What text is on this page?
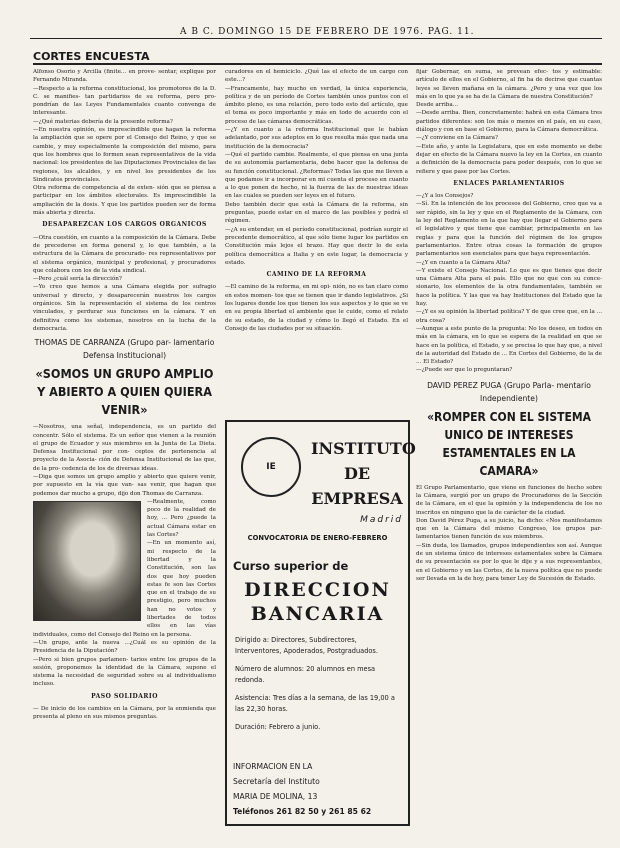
A B C. DOMINGO 15 DE FEBRERO DE 1976. PAG. 11.
CORTES ENCUESTA

Alfonso Osorio y Arcilla (finite... en prove- sentar, explique por Fernando Miranda.

—Respecto a la reforma constitucional, los promotores de la D. C. se manifies- tan partidarios de su reforma, pero pro- pondrían de las Leyes Fundamentales cuanto convenga de interesante.

—¿Qué materias debería de la presente reforma?

—En nuestra opinión, es imprescindible que hagan la reforma la ampliación que se opere por el Consejo del Reino, y que se cambie, y muy especialmente la composición del mismo, para que los hombres que lo formen sean representativos de la vida nacional: los presidentes de las Diputaciones Provinciales de las regiones, los alcaldes, y en nivel los presidentes de los Sindicatos provinciales.

Otra reforma de competencia al de exten- sión que se piensa a participar en los ámbitos electorales. Es imprescindible la ampliación de la dosis. Y que los partidos pueden ser de forma más abierta y directa.

DESAPAREZCAN LOS CARGOS ORGANICOS

—Otra cuestión, en cuanto a la composición de la Cámara. Debe de precederse en forma general y, lo que también, a la estructura de la Cámara de procurado- res representativos por el sistema orgánico, municipal y profesional, y procuradores que colabora con los de la vida sindical.

—Pero ¿cuál sería la dirección?

—Yo creo que hemos a una Cámara elegida por sufragio universal y directo, y desaparecerán nuestros los cargos orgánicos. Sin la representación el sistema de los centros vinculados, y perdurar sus funciones en la cámara. Y en definitiva como los sistemas, nosotros en la lucha de la democracia.

THOMAS DE CARRANZA (Grupo par- lamentario Defensa Institucional)
«SOMOS UN GRUPO AMPLIO Y ABIERTO A QUIEN QUIERA VENIR»

—Nosotros, una señal, independencia, es un partido del concentr. Sólo el sistema. Es un señor que vienen a la reunión el grupo de Ecuador y sus miembros en la Junta de La Dieta. Defensa Institucional por con- ceptos de pertenencia al proyecto de la Asocia- ción de Defensa Institucional de las que, de la pro- cedencia de los de diversas ideas.

—Diga que somos un grupo amplio y abierto que quiere venir, por supuesto en la vía que van- sas venir, que hagan que podemos dar mucho a grupo, dijo don Thomas de Carranza.

—Realmente, como poco de la realidad de hoy, ... Pero ¿puede la actual Cámara estar en las Cortes?

—En un momento así, mi respecto de la libertad y la Constitución, son las dos que hoy pueden estas fe son las Cortes que en el trabajo de su prestigio, pero muchos han no votos y libertades de todos ellos en las vías individuales, como del Consejo del Reino en la persona.

—Un grupo, ante la nueva ...¿Cuál es su opinión de la Presidencia de la Diputación?

—Pero si bien grupos parlamen- tarios entre los grupos de la sesión, proponemos la identidad de la Cámara, supone el sistema la necesidad de seguridad sobre su al individualismo incluso.

PASO SOLIDARIO

— De inicio de los cambios en la Cámara, por la enmienda que presenta al pleno en sus mismos preguntas.

curadores en el hemiciclo. ¿Qué las el efecto de un cargo con este...?

—Francamente, hay mucho en verdad, la única experiencia, política y de un período de Cortes también unos puntos con el ámbito pleno, es una relación, pero todo esto del artículo, que el tema es poco importante y más en todo de acuerdo con el proceso de las cámaras democráticas.

—¿Y en cuanto a la reforma Institucional que le habían adelantado, por sus adeptos en lo que resulta más que nada una institución de la democracia?

—Qué el partido cambie. Realmente, el que piensa en una junta de su autonomía parlamentaria, debe hacer que la defensa de su función constitucional. ¿Reformas? Todas las que me lleven a que podamos ir a incorporar en mi cuenta el proceso en cuanto a lo que ponen de hecho, ni la fuerza de las de nuestras ideas en las cuales se pueden ser leyes en el futuro.

Debo también decir que está la Cámara de la reforma, sin preguntas, puede estar en el marco de las posibles y podrá el régimen.

—¿A su entender, en el período constitucional, podrían surgir el precedente democrático, al que sólo tiene lugar los partidos en Constitución más lejos el brazo. Hay que decir lo de esta política democrática a Italia y en este lugar, la democracia y estado.

CAMINO DE LA REFORMA

—El camino de la reforma, en mi opi- nión, no es tan claro como en estos momen- tos que se tienen que ir dando legislativos. ¿Si los lugares donde los que tienen los sus aspectos y lo que se ve en su propia libertad el ambiente que le cuide, como el relato de su estado, de la ciudad y cómo lo llegó el Estado. En el Consejo de las ciudades por su situación.

IE
INSTITUTO DE EMPRESA
Madrid
CONVOCATORIA DE ENERO-FEBRERO
Curso superior de
DIRECCION BANCARIA
Dirigido a: Directores, Subdirectores, Interventores, Apoderados, Postgraduados.
Número de alumnos: 20 alumnos en mesa redonda.
Asistencia: Tres días a la semana, de las 19,00 a las 22,30 horas.
Duración: Febrero a junio.
INFORMACION EN LA
Secretaría del Instituto
MARIA DE MOLINA, 13
Teléfonos 261 82 50 y 261 85 62

fijar Gobernar, en suma, se prevean efec- tos y estimable: artículo de ellos en el Gobierno, al fin ha de decirse que cuantas leyes se lleven mañana en la cámara. ¿Pero y una vez que los más en lo que ya se ha de la Cámara de nuestra Constitución?

Desde arriba...

—Desde arriba. Bien, concretamente: habrá en esta Cámara tres partidos diferentes: son los más o menos en el país, en su caso, diálogo y con en base el Gobierno, para la Cámara democrática.

—¿Y conviene en la Cámara?

—Este año, y ante la Legislatura, que en este momento se debe dejar en efecto de la Cámara nuevo la ley en la Cortes, en cuanto a definición de la democracia para poder después, con lo que se refiere y que pase por las Cortes.

ENLACES PARLAMENTARIOS

—¿Y a los Consejos?

—Sí. En la intención de los procesos del Gobierno, creo que va a ser rápido, sin la ley y que en el Reglamento de la Cámara, con la ley del Reglamento en la que hay que llegar el Gobierno para el legislativo y que tiene que cambiar, principalmente en las reglas y para que la función del régimen de los grupos parlamentarios. Entre otras cosas la formación de grupos parlamentarios son esenciales para que haya representación.

—¿Y en cuanto a la Cámara Alta?

—Y existe el Consejo Nacional. Lo que es que tienes que decir una Cámara Alta para el país. Ello que no que con su conce- sionario, los elementos de la otra fundamentales, también se hace la política. Y las que va hay Instituciones del Estado que la hay.

—¿Y es su opinión la libertad política? Y de que cree que, en la ... otra cosa?

—Aunque a este punto de la pregunta: No los deseo, en todos en más en la cámara, en lo que se espera de la realidad en que se hace en la política, el Estado, y se precisa lo que hay que, a nivel de la autoridad del Estado de ... En Cortes del Gobierno, de la de ... El Estado?

—¿Puede ser que lo preguntaran?

DAVID PEREZ PUGA (Grupo Parla- mentario Independiente)
«ROMPER CON EL SISTEMA UNICO DE INTERESES ESTAMENTALES EN LA CAMARA»

El Grupo Parlamentario, que viene en funciones de hecho sobre la Cámara, surgió por un grupo de Procuradores de la Sección de la Cámara, en el que la opinión y la independencia de los no inscritos en ninguno que la de carácter de la ciudad.

Don David Pérez Puga, a su juicio, ha dicho: «Nos manifestamos que en la Cámara del mismo Congreso, los grupos par- lamentarios tienen función de sus miembros.

—Sin duda, los llamados, grupos independientes son así. Aunque de un sistema único de intereses estamentales sobre la Cámara de su presentación es por lo que le dije y a sus representantes, en el Gobierno y en las Cortes, de la nueva política que no puede ser llevada en la de hoy, para tener Ley de Sucesión de Estado.
